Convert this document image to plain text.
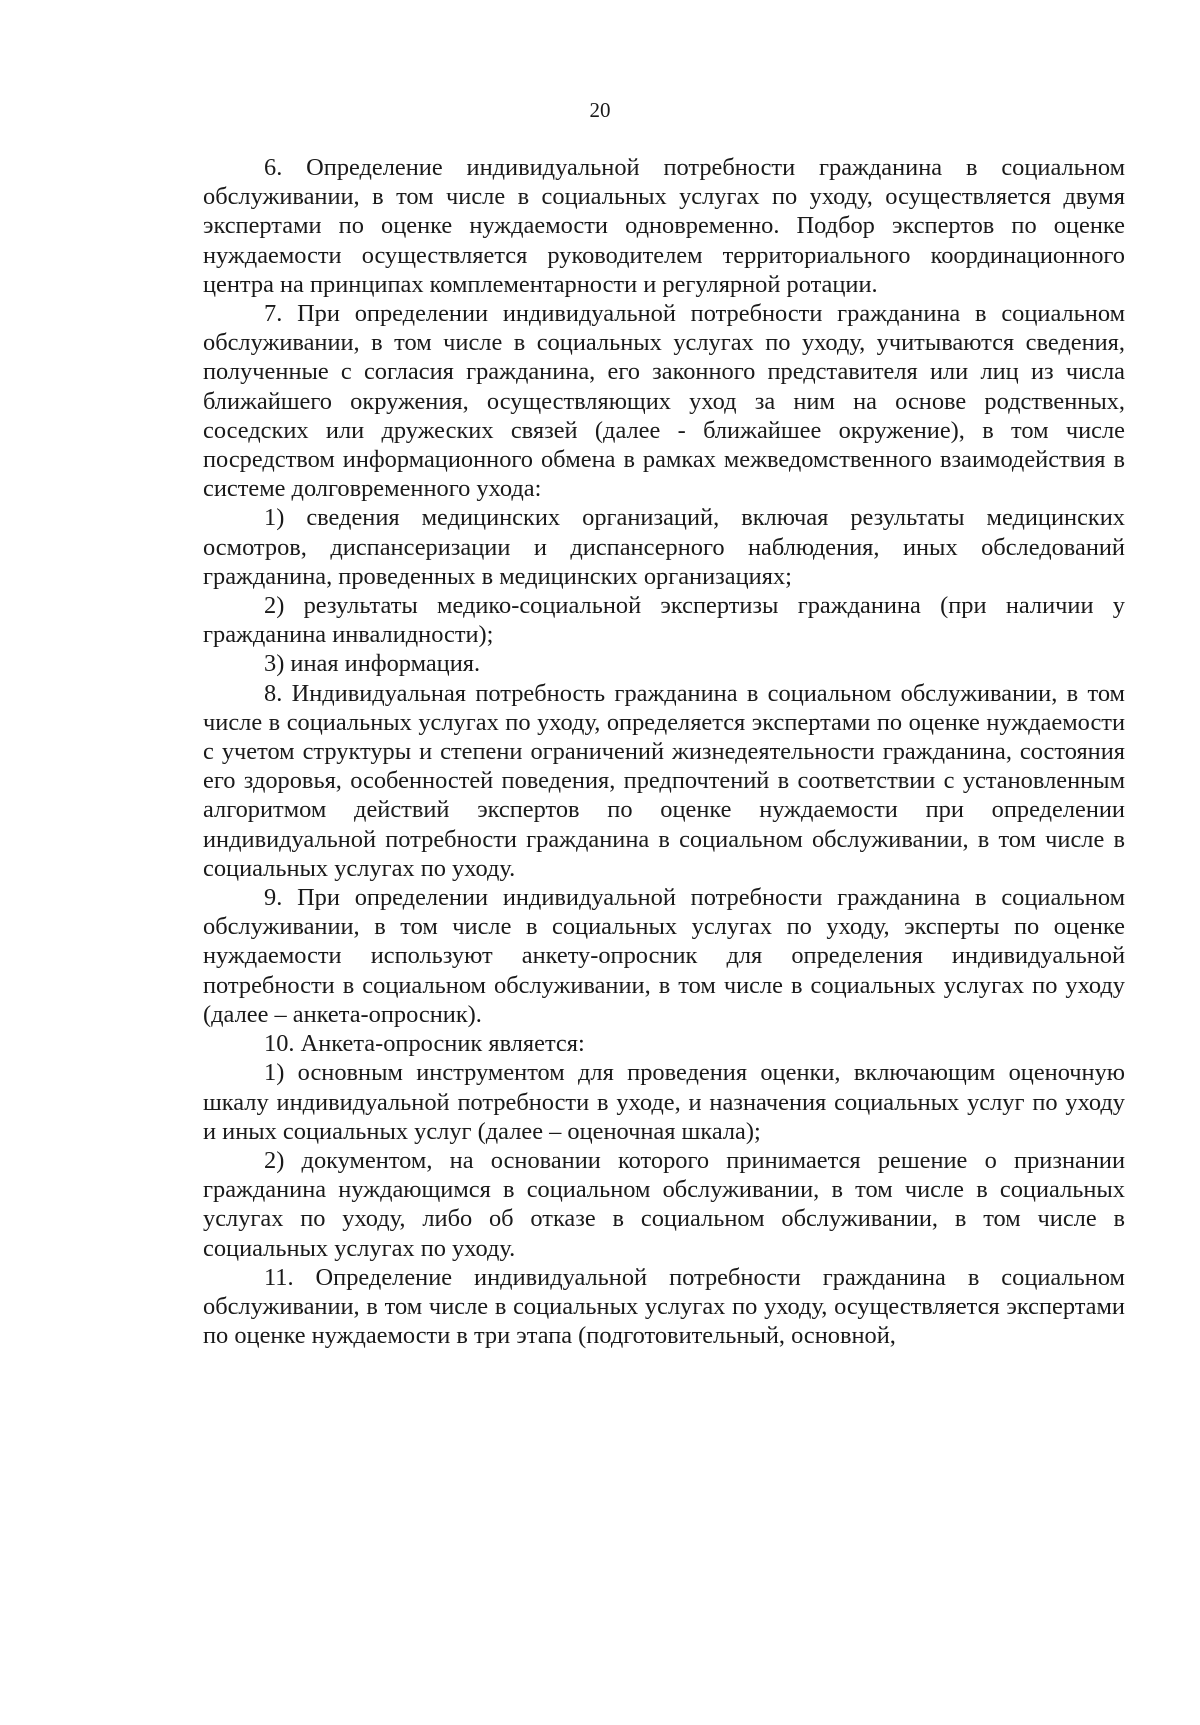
20

6. Определение индивидуальной потребности гражданина в социальном обслуживании, в том числе в социальных услугах по уходу, осуществляется двумя экспертами по оценке нуждаемости одновременно. Подбор экспертов по оценке нуждаемости осуществляется руководителем территориального координационного центра на принципах комплементарности и регулярной ротации.

7. При определении индивидуальной потребности гражданина в социальном обслуживании, в том числе в социальных услугах по уходу, учитываются сведения, полученные с согласия гражданина, его законного представителя или лиц из числа ближайшего окружения, осуществляющих уход за ним на основе родственных, соседских или дружеских связей (далее - ближайшее окружение), в том числе посредством информационного обмена в рамках межведомственного взаимодействия в системе долговременного ухода:

1) сведения медицинских организаций, включая результаты медицинских осмотров, диспансеризации и диспансерного наблюдения, иных обследований гражданина, проведенных в медицинских организациях;

2) результаты медико-социальной экспертизы гражданина (при наличии у гражданина инвалидности);

3) иная информация.

8. Индивидуальная потребность гражданина в социальном обслуживании, в том числе в социальных услугах по уходу, определяется экспертами по оценке нуждаемости с учетом структуры и степени ограничений жизнедеятельности гражданина, состояния его здоровья, особенностей поведения, предпочтений в соответствии с установленным алгоритмом действий экспертов по оценке нуждаемости при определении индивидуальной потребности гражданина в социальном обслуживании, в том числе в социальных услугах по уходу.

9. При определении индивидуальной потребности гражданина в социальном обслуживании, в том числе в социальных услугах по уходу, эксперты по оценке нуждаемости используют анкету-опросник для определения индивидуальной потребности в социальном обслуживании, в том числе в социальных услугах по уходу (далее – анкета-опросник).

10. Анкета-опросник является:

1) основным инструментом для проведения оценки, включающим оценочную шкалу индивидуальной потребности в уходе, и назначения социальных услуг по уходу и иных социальных услуг (далее – оценочная шкала);

2) документом, на основании которого принимается решение о признании гражданина нуждающимся в социальном обслуживании, в том числе в социальных услугах по уходу, либо об отказе в социальном обслуживании, в том числе в социальных услугах по уходу.

11. Определение индивидуальной потребности гражданина в социальном обслуживании, в том числе в социальных услугах по уходу, осуществляется экспертами по оценке нуждаемости в три этапа (подготовительный, основной,
